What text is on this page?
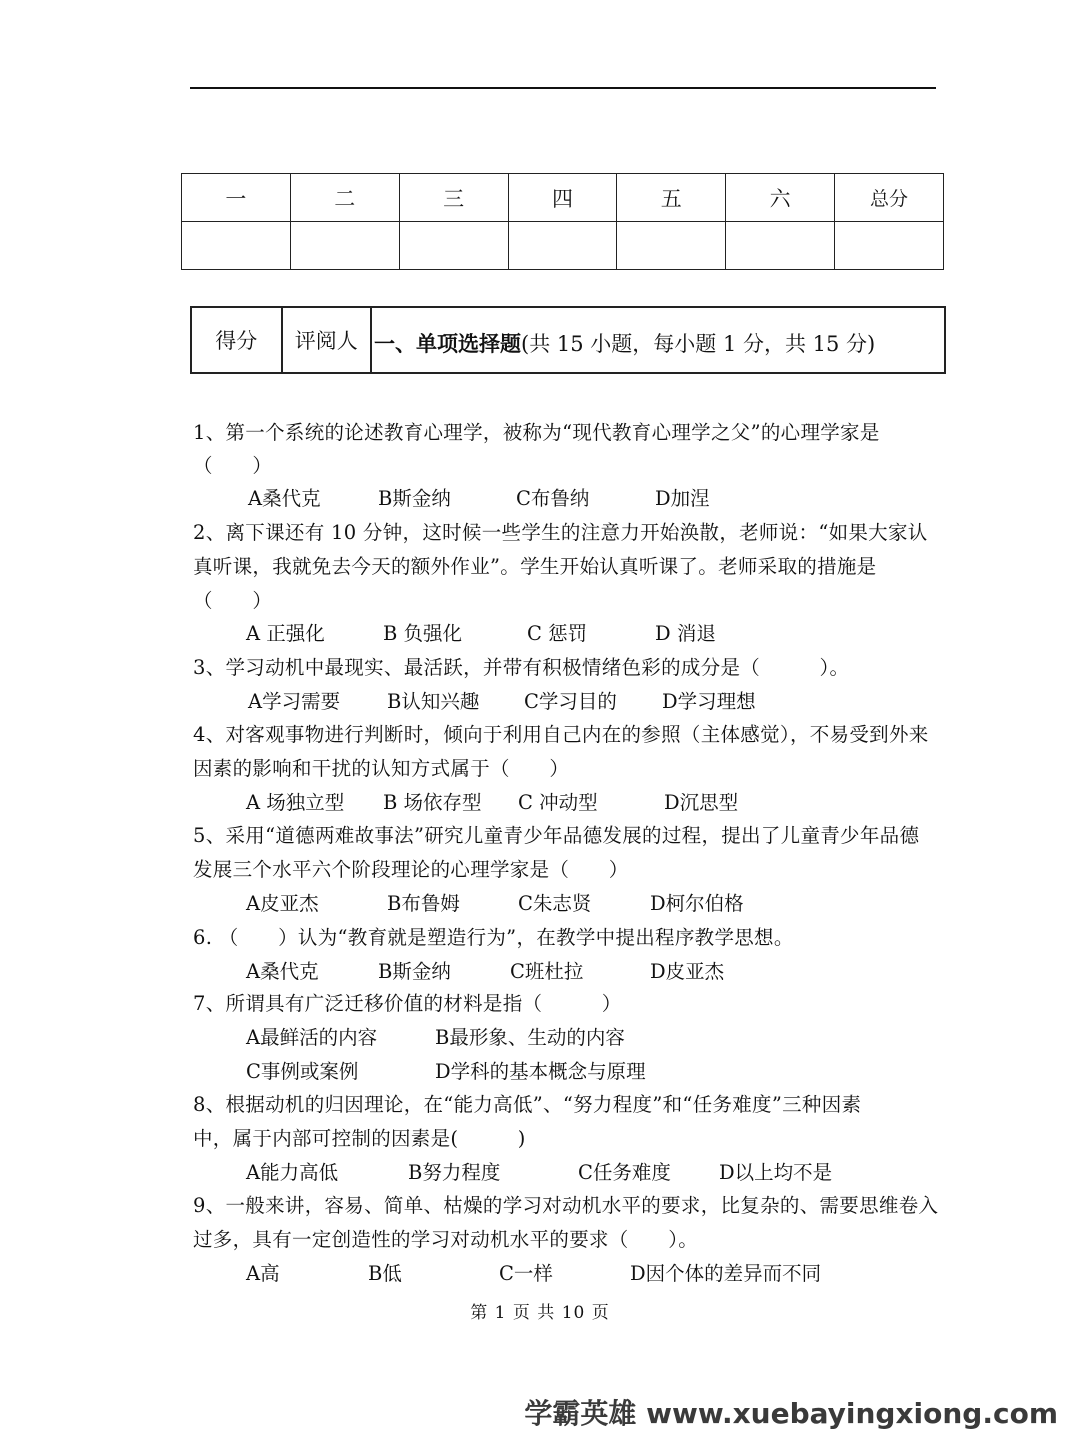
一	二	三	四	五	六	总分

得分	评阅人
	一、单项选择题(共 15 小题，每小题 1 分，共 15 分)
1、第一个系统的论述教育心理学，被称为“现代教育心理学之父”的心理学家是
（　　）
A桑代克	B斯金纳	C布鲁纳	D加涅
2、离下课还有 10 分钟，这时候一些学生的注意力开始涣散，老师说：“如果大家认
真听课，我就免去今天的额外作业”。学生开始认真听课了。老师采取的措施是
（　　）
A 正强化	B 负强化	C 惩罚	D 消退
3、学习动机中最现实、最活跃，并带有积极情绪色彩的成分是（　　　）。
A学习需要 B认知兴趣 C学习目的 D学习理想
4、对客观事物进行判断时，倾向于利用自己内在的参照（主体感觉），不易受到外来
因素的影响和干扰的认知方式属于（　　）
A 场独立型 B 场依存型 C 冲动型	D沉思型
5、采用“道德两难故事法”研究儿童青少年品德发展的过程，提出了儿童青少年品德
发展三个水平六个阶段理论的心理学家是（　　）
A皮亚杰	B布鲁姆	C朱志贤	D柯尔伯格
6. （　　）认为“教育就是塑造行为”，在教学中提出程序教学思想。
A桑代克	B斯金纳	C班杜拉	D皮亚杰
7、所谓具有广泛迁移价值的材料是指（　　　）
A最鲜活的内容	B最形象、生动的内容
C事例或案例	D学科的基本概念与原理
8、根据动机的归因理论，在“能力高低”、“努力程度”和“任务难度”三种因素
中，属于内部可控制的因素是(　　　)
A能力高低	B努力程度	C任务难度 D以上均不是
9、一般来讲，容易、简单、枯燥的学习对动机水平的要求，比复杂的、需要思维卷入
过多，具有一定创造性的学习对动机水平的要求（　　）。
A高	B低	C一样	D因个体的差异而不同
第 1 页 共 10 页
学霸英雄 www.xuebayingxiong.com
